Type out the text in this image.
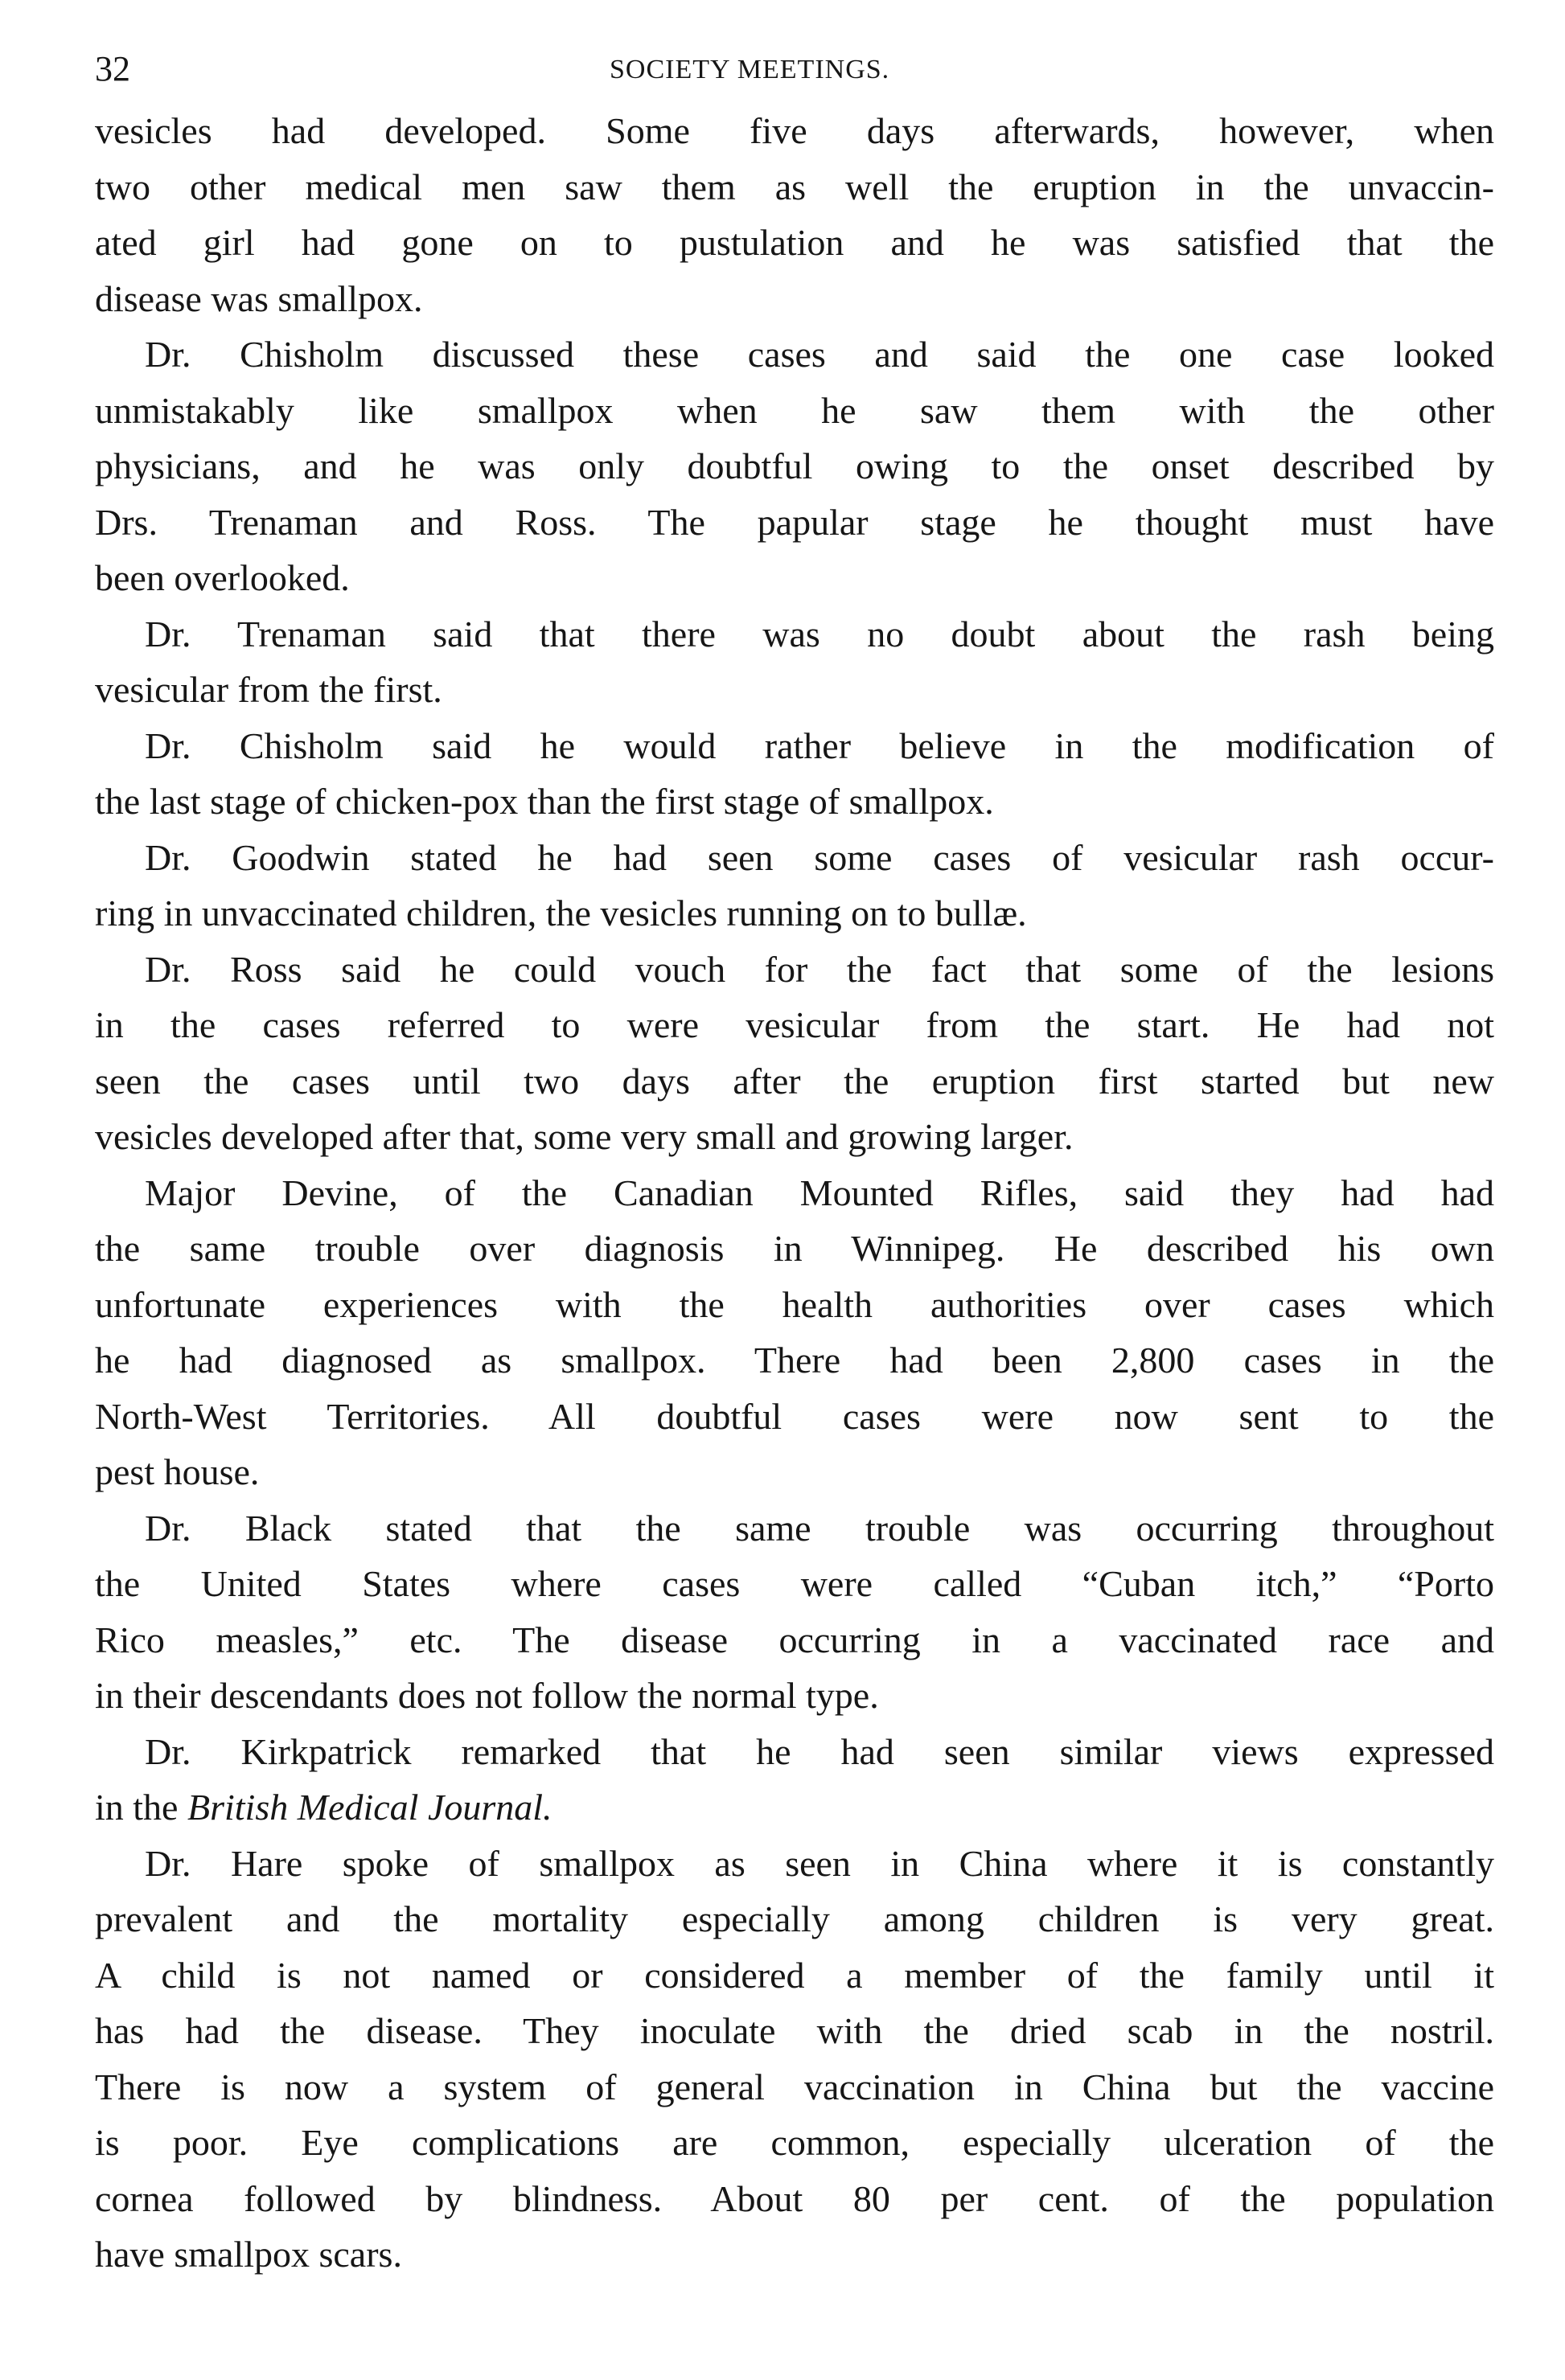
32	SOCIETY MEETINGS.

vesicles had developed. Some five days afterwards, however, when
two other medical men saw them as well the eruption in the unvaccin-
ated girl had gone on to pustulation and he was satisfied that the
disease was smallpox.

Dr. Chisholm discussed these cases and said the one case looked
unmistakably like smallpox when he saw them with the other
physicians, and he was only doubtful owing to the onset described by
Drs. Trenaman and Ross. The papular stage he thought must have
been overlooked.

Dr. Trenaman said that there was no doubt about the rash being
vesicular from the first.

Dr. Chisholm said he would rather believe in the modification of
the last stage of chicken-pox than the first stage of smallpox.

Dr. Goodwin stated he had seen some cases of vesicular rash occur-
ring in unvaccinated children, the vesicles running on to bullæ.

Dr. Ross said he could vouch for the fact that some of the lesions
in the cases referred to were vesicular from the start. He had not
seen the cases until two days after the eruption first started but new
vesicles developed after that, some very small and growing larger.

Major Devine, of the Canadian Mounted Rifles, said they had had
the same trouble over diagnosis in Winnipeg. He described his own
unfortunate experiences with the health authorities over cases which
he had diagnosed as smallpox. There had been 2,800 cases in the
North-West Territories. All doubtful cases were now sent to the
pest house.

Dr. Black stated that the same trouble was occurring throughout
the United States where cases were called “Cuban itch,” “Porto
Rico measles,” etc. The disease occurring in a vaccinated race and
in their descendants does not follow the normal type.

Dr. Kirkpatrick remarked that he had seen similar views expressed
in the British Medical Journal.

Dr. Hare spoke of smallpox as seen in China where it is constantly
prevalent and the mortality especially among children is very great.
A child is not named or considered a member of the family until it
has had the disease. They inoculate with the dried scab in the nostril.
There is now a system of general vaccination in China but the vaccine
is poor. Eye complications are common, especially ulceration of the
cornea followed by blindness. About 80 per cent. of the population
have smallpox scars.
